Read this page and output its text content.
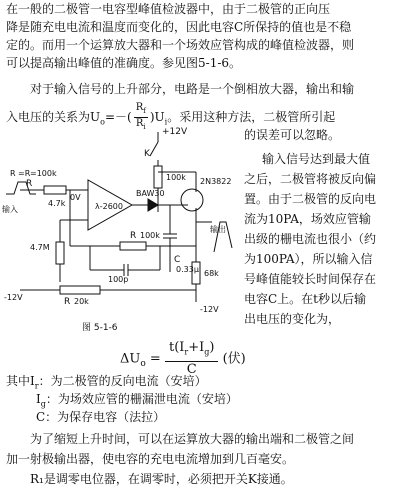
在一般的二极管一电容型峰值检波器中，由于二极管的正向压
降是随充电电流和温度而变化的，因此电容C所保持的值也是不稳
定的。而用一个运算放大器和一个场效应管构成的峰值检波器，则
可以提高输出峰值的准确度。参见图5-1-6。
对于输入信号的上升部分，电路是一个倒相放大器，输出和输
入电压的关系为$U_o=-( \frac{R_f}{R_i} )U_i$。采用这种方法，二极管所引起
的误差可以忽略。
输入信号达到最大值
之后，二极管将被反向偏
置。由于二极管的反向电
流为10PA，场效应管输
出级的栅电流也很小（约
为100PA），所以输入信
号峰值能较长时间保存在
电容C上。在t秒以后输
出电压的变化为，
+12V
K
100k
R =R =100k
R
4.7k
0V
λ-2600
BAW30
2N3822
C
0.33μ
输出
4.7M
R 100k
68k
100p
R 20k
-12V
-12V
输入
图 5-1-6
$\Delta U_o = \frac{t(I_r+I_g)}{C}$ (伏)
其中$I_r$：为二极管的反向电流（安培）
$I_g$：为场效应管的栅漏泄电流（安培）
C：为保存电容（法拉）
为了缩短上升时间，可以在运算放大器的输出端和二极管之间
加一射极输出器，使电容的充电电流增加到几百毫安。
R₁是调零电位器，在调零时，必须把开关K接通。
